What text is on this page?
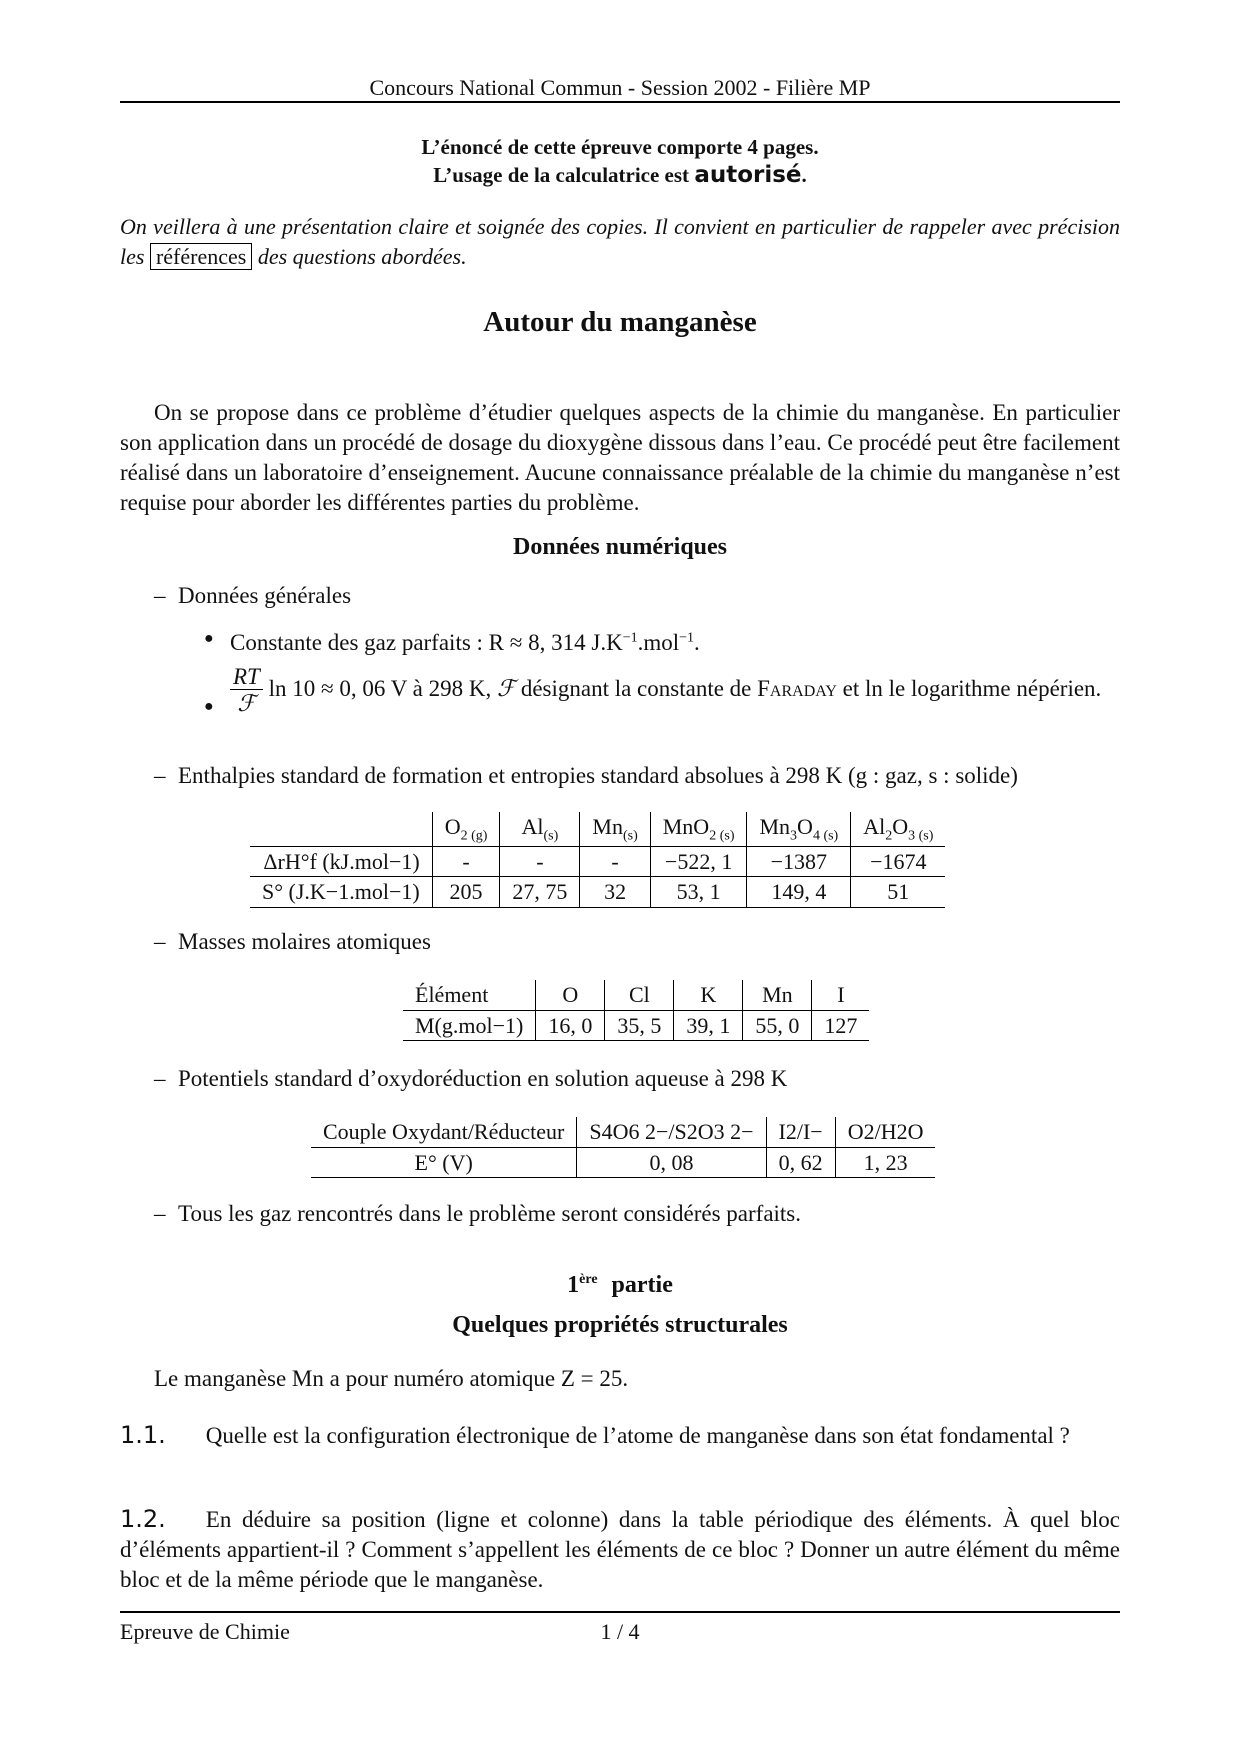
Concours National Commun - Session 2002 - Filière MP
L’énoncé de cette épreuve comporte 4 pages.
L’usage de la calculatrice est autorisé.
On veillera à une présentation claire et soignée des copies. Il convient en particulier de rappeler avec précision les références des questions abordées.
Autour du manganèse
On se propose dans ce problème d’étudier quelques aspects de la chimie du manganèse. En particulier son application dans un procédé de dosage du dioxygène dissous dans l’eau. Ce procédé peut être facilement réalisé dans un laboratoire d’enseignement. Aucune connaissance préalable de la chimie du manganèse n’est requise pour aborder les différentes parties du problème.
Données numériques
– Données générales
● Constante des gaz parfaits : R ≈ 8, 314 $J.K^{-1}.mol^{-1}$.
● $\frac{RT}{\text{ℱ}}$ ln 10 ≈ 0, 06 V à 298 K, ℱ désignant la constante de Faraday et ln le logarithme népérien.
– Enthalpies standard de formation et entropies standard absolues à 298 K (g : gaz, s : solide)
	$O_{2 (g)}$	$Al_{(s)}$	$Mn_{(s)}$	MnO$_{2 (s)}$	$Mn_3O_{4 (s)}$	$Al_2O_{3 (s)}$
ΔrH°f (kJ.mol−1)	-	-	-	−522, 1	−1387	−1674
S° (J.K−1.mol−1)	205	27, 75	32	53, 1	149, 4	51
– Masses molaires atomiques
Élément	O	Cl	K	Mn	I
M(g.mol−1)	16, 0	35, 5	39, 1	55, 0	127
– Potentiels standard d’oxydoréduction en solution aqueuse à 298 K
Couple Oxydant/Réducteur	S4O6 2−/S2O3 2−	I2/I−	O2/H2O
E° (V)	0, 08	0, 62	1, 23
– Tous les gaz rencontrés dans le problème seront considérés parfaits.
1ère partie
Quelques propriétés structurales
Le manganèse Mn a pour numéro atomique Z = 25.
1.1. Quelle est la configuration électronique de l’atome de manganèse dans son état fondamental ?
1.2. En déduire sa position (ligne et colonne) dans la table périodique des éléments. À quel bloc d’éléments appartient-il ? Comment s’appellent les éléments de ce bloc ? Donner un autre élément du même bloc et de la même période que le manganèse.
Epreuve de Chimie	1 / 4
